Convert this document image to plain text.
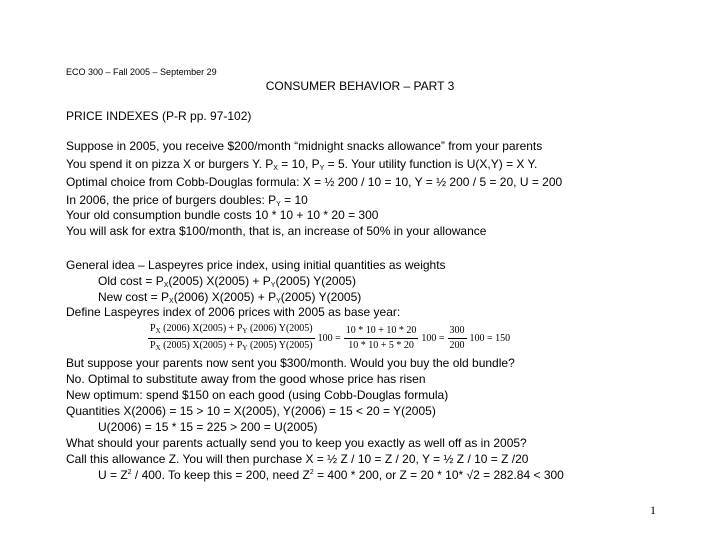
ECO 300 – Fall 2005 – September 29
CONSUMER BEHAVIOR – PART 3
PRICE INDEXES (P-R pp. 97-102)
Suppose in 2005, you receive $200/month “midnight snacks allowance” from your parents
You spend it on pizza X or burgers Y. $P_X = 10$, $P_Y = 5$. Your utility function is U(X,Y) = X Y.
Optimal choice from Cobb-Douglas formula: X = ½ 200 / 10 = 10, Y = ½ 200 / 5 = 20, U = 200
In 2006, the price of burgers doubles: $P_Y = 10$
Your old consumption bundle costs 10 * 10 + 10 * 20 = 300
You will ask for extra $100/month, that is, an increase of 50% in your allowance
General idea – Laspeyres price index, using initial quantities as weights
Old $\cos t = P_X(2005) X(2005) + P_Y(2005)$ Y(2005)
New $\cos t = P_X(2006) X(2005) + P_Y(2005)$ Y(2005)
Define Laspeyres index of 2006 prices with 2005 as base year:
$\frac{P_X (2006) X(2005) + P_Y (2006) Y(2005)}{P_X (2005) X(2005) + P_Y (2005) Y(2005)} 100 = \frac{10 * 10 + 10 * 20}{10 * 10 + 5 * 20} 100 = \frac{300}{200} 100 = 150$
But suppose your parents now sent you $300/month. Would you buy the old bundle?
No. Optimal to substitute away from the good whose price has risen
New optimum: spend $150 on each good (using Cobb-Douglas formula)
Quantities X(2006) = 15 > 10 = X(2005), Y(2006) = 15 < 20 = Y(2005)
U(2006) = 15 * 15 = 225 > 200 = U(2005)
What should your parents actually send you to keep you exactly as well off as in 2005?
Call this allowance Z. You will then purchase X = ½ Z / 10 = Z / 20, Y = ½ Z / 10 = Z /20
$U = Z^2 / 400$. To keep this = 200, need $Z^2 = 400 * 200$, or Z = 20 * 10* √2 = 282.84 < 300
1
